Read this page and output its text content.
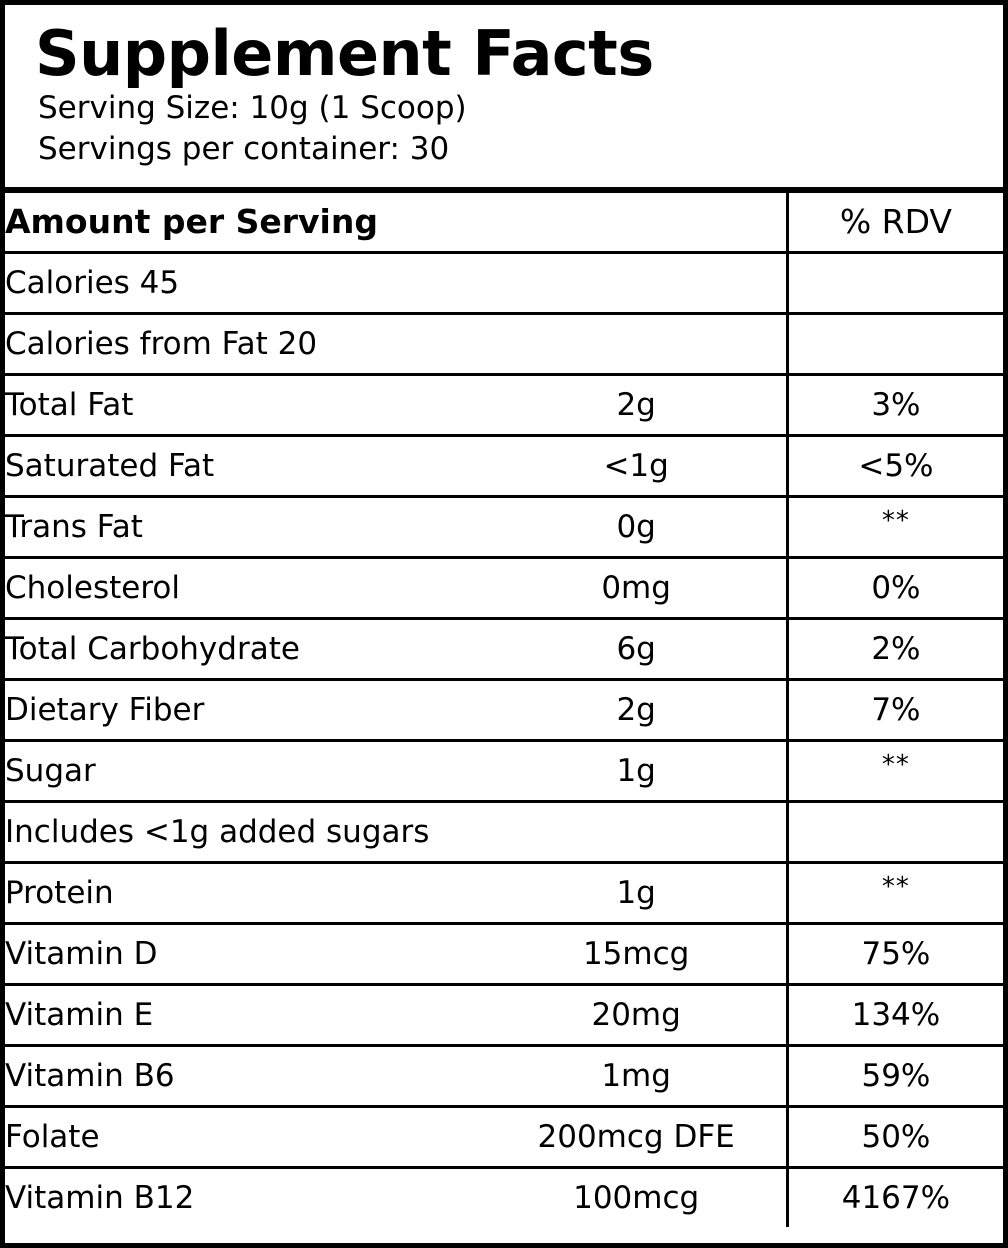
Supplement Facts
Serving Size: 10g (1 Scoop)
Servings per container: 30
Amount per Serving		% RDV
Calories 45		
Calories from Fat 20		
Total Fat	2g	3%
Saturated Fat	<1g	<5%
Trans Fat	0g	**
Cholesterol	0mg	0%
Total Carbohydrate	6g	2%
Dietary Fiber	2g	7%
Sugar	1g	**
Includes <1g added sugars		
Protein	1g	**
Vitamin D	15mcg	75%
Vitamin E	20mg	134%
Vitamin B6	1mg	59%
Folate	200mcg DFE	50%
Vitamin B12	100mcg	4167%
